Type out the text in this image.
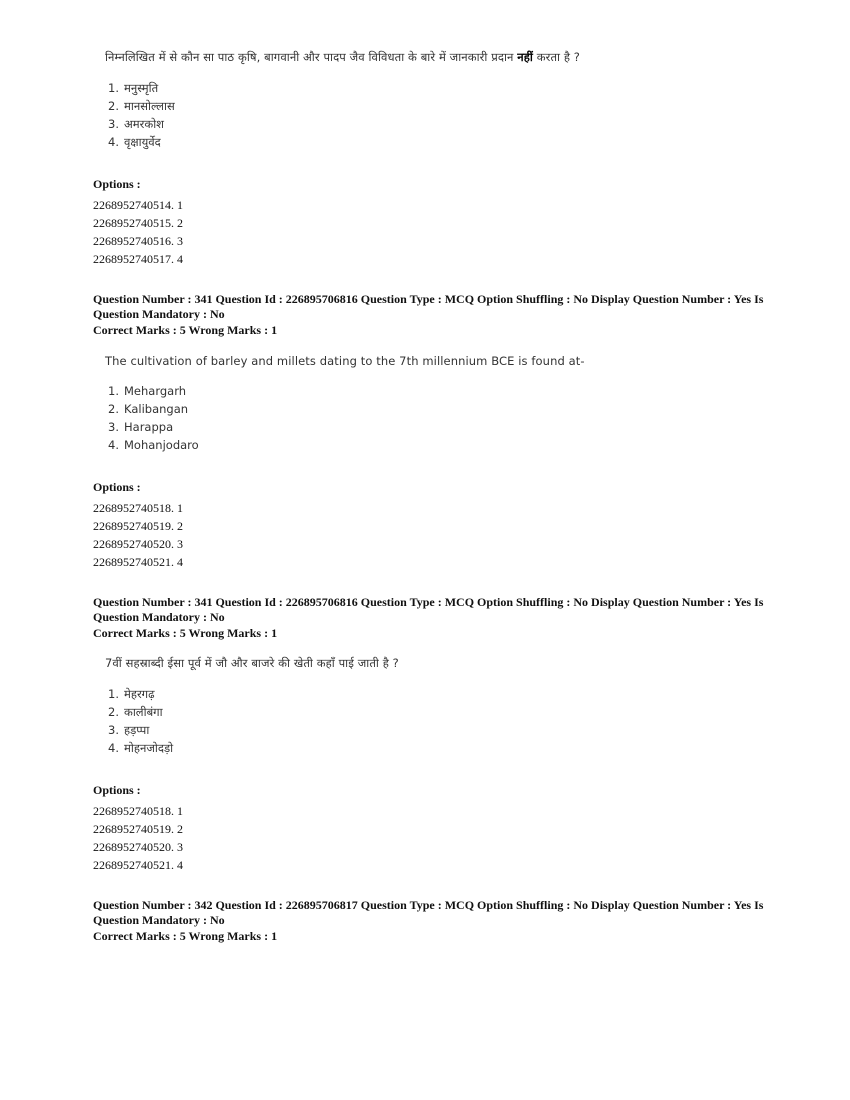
निम्नलिखित में से कौन सा पाठ कृषि, बागवानी और पादप जैव विविधता के बारे में जानकारी प्रदान नहीं करता है ?
1. मनुस्मृति
2. मानसोल्लास
3. अमरकोश
4. वृक्षायुर्वेद
Options :
2268952740514. 1
2268952740515. 2
2268952740516. 3
2268952740517. 4
Question Number : 341 Question Id : 226895706816 Question Type : MCQ Option Shuffling : No Display Question Number : Yes Is
Question Mandatory : No
Correct Marks : 5 Wrong Marks : 1
The cultivation of barley and millets dating to the 7th millennium BCE is found at-
1. Mehargarh
2. Kalibangan
3. Harappa
4. Mohanjodaro
Options :
2268952740518. 1
2268952740519. 2
2268952740520. 3
2268952740521. 4
Question Number : 341 Question Id : 226895706816 Question Type : MCQ Option Shuffling : No Display Question Number : Yes Is
Question Mandatory : No
Correct Marks : 5 Wrong Marks : 1
7वीं सहस्राब्दी ईसा पूर्व में जौ और बाजरे की खेती कहाँ पाई जाती है ?
1. मेहरगढ़
2. कालीबंगा
3. हड़प्पा
4. मोहनजोदड़ो
Options :
2268952740518. 1
2268952740519. 2
2268952740520. 3
2268952740521. 4
Question Number : 342 Question Id : 226895706817 Question Type : MCQ Option Shuffling : No Display Question Number : Yes Is
Question Mandatory : No
Correct Marks : 5 Wrong Marks : 1
